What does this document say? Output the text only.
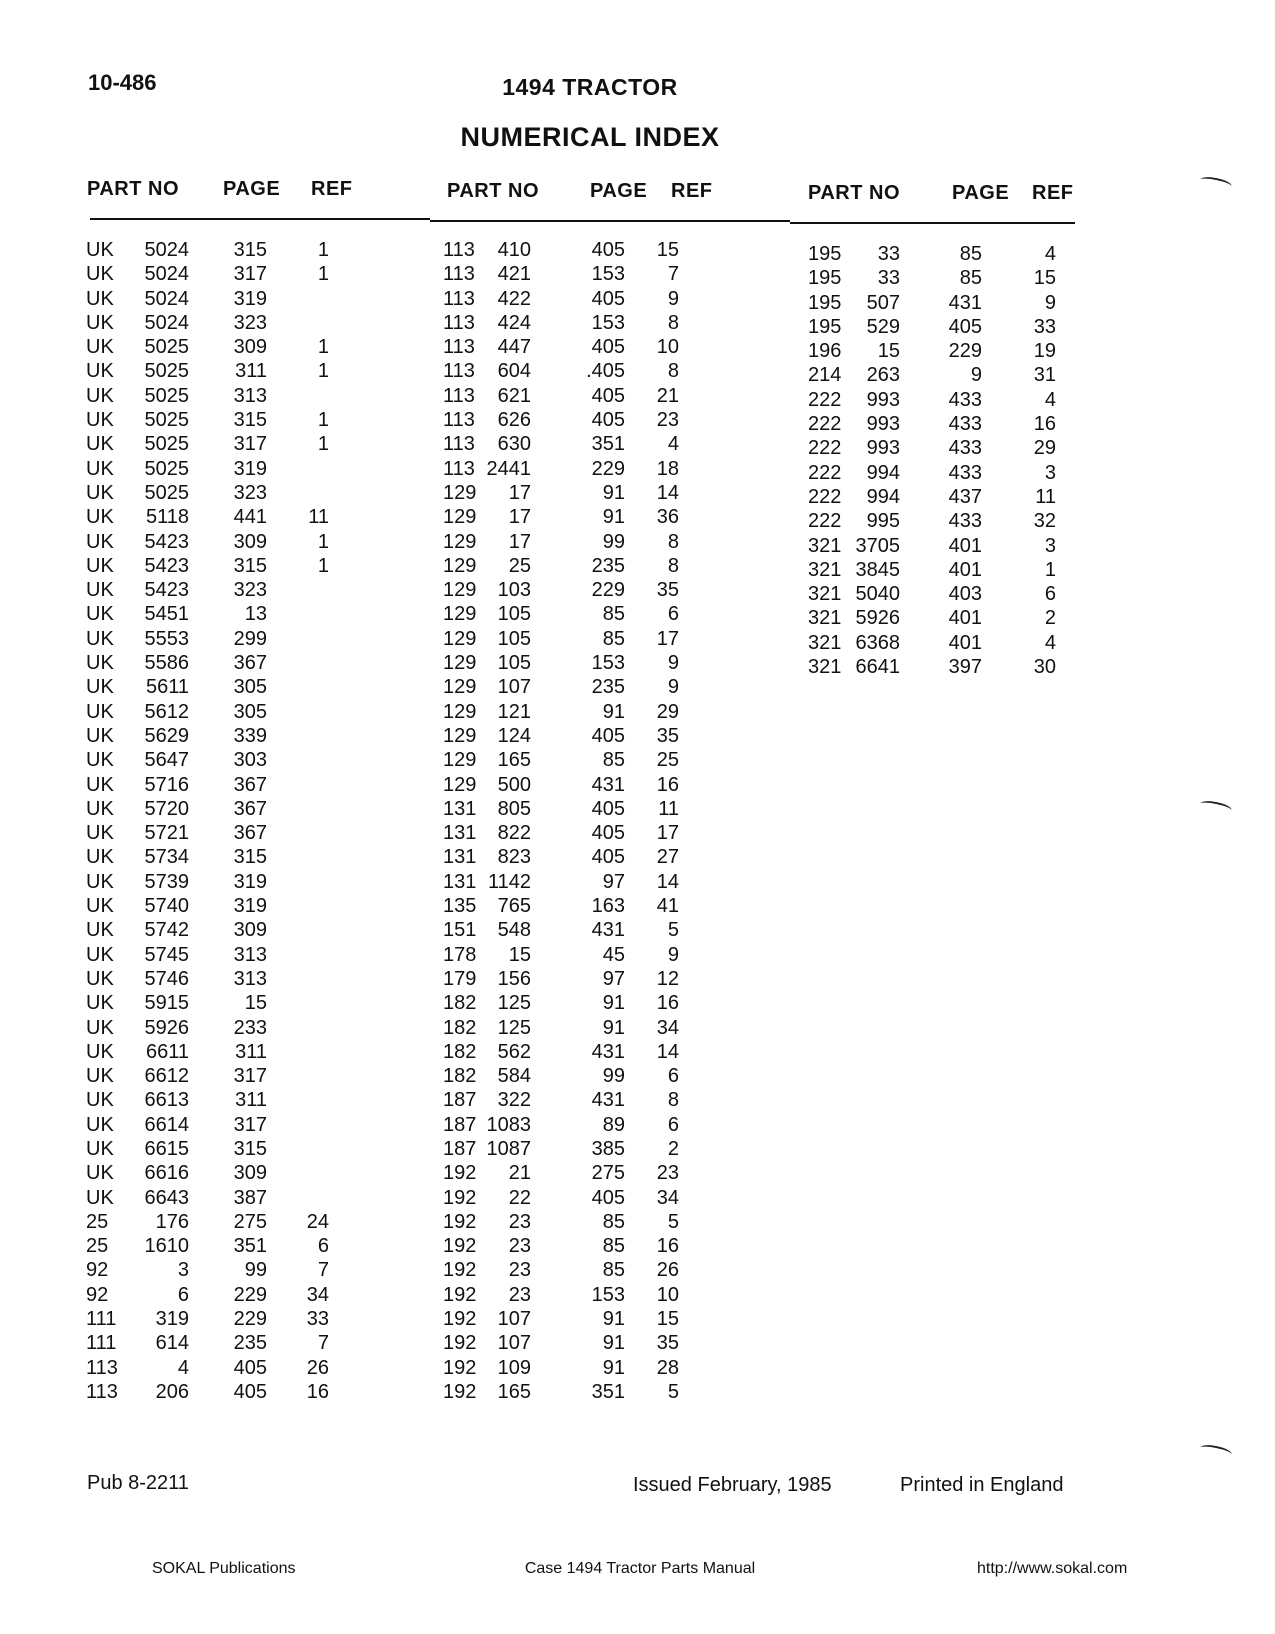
10-486	1494 TRACTOR
NUMERICAL INDEX
PART NO PAGE REF	PART NO	PAGE REF	PART NO	PAGE REF
UK 5024 315	1
UK 5024 317	1
UK 5024 319
UK 5024 323
UK 5025 309	1
UK 5025 311	1
UK 5025 313
UK 5025 315	1
UK 5025 317	1
UK 5025 319
UK 5025 323
UK 5118 441 11
UK 5423 309	1
UK 5423 315	1
UK 5423 323
UK 5451	13
UK 5553 299
UK 5586 367
UK 5611 305
UK 5612 305
UK 5629 339
UK 5647 303
UK 5716 367
UK 5720 367
UK 5721 367
UK 5734 315
UK 5739 319
UK 5740 319
UK 5742 309
UK 5745 313
UK 5746 313
UK 5915	15
UK 5926 233
UK 6611 311
UK 6612 317
UK 6613 311
UK 6614 317
UK 6615 315
UK 6616 309
UK 6643 387
25 176 275 24
25 1610 351	6
92	3	99	7
92	6 229 34
111 319 229 33
111 614 235	7
113	4 405 26
113 206 405 16
113 410	405 15
113 421	153 7
113 422	405 9
113 424	153 8
113 447	405 10
113 604	.405 8
113 621	405 21
113 626	405 23
113 630	351 4
113 2441	229 18
129 17	91 14
129 17	91 36
129 17	99 8
129 25	235 8
129 103	229 35
129 105	85 6
129 105	85 17
129 105	153 9
129 107	235 9
129 121	91 29
129 124	405 35
129 165	85 25
129 500	431 16
131 805	405 11
131 822	405 17
131 823	405 27
131 1142	97 14
135 765	163 41
151 548	431 5
178 15	45 9
179 156	97 12
182 125	91 16
182 125	91 34
182 562	431 14
182 584	99 6
187 322	431 8
187 1083	89 6
187 1087	385 2
192 21	275 23
192 22	405 34
192 23	85 5
192 23	85 16
192 23	85 26
192 23	153 10
192 107	91 15
192 107	91 35
192 109	91 28
192 165	351 5
195 33	85	4
195 33	85	15
195 507 431	9
195 529 405	33
196 15 229	19
214 263	9	31
222 993 433	4
222 993 433	16
222 993 433	29
222 994 433	3
222 994 437	11
222 995 433	32
321 3705 401	3
321 3845 401	1
321 5040 403	6
321 5926 401	2
321 6368 401	4
321 6641 397	30
Pub 8-2211	Issued February, 1985	Printed in England
SOKAL Publications	Case 1494 Tractor Parts Manual	http://www.sokal.com
